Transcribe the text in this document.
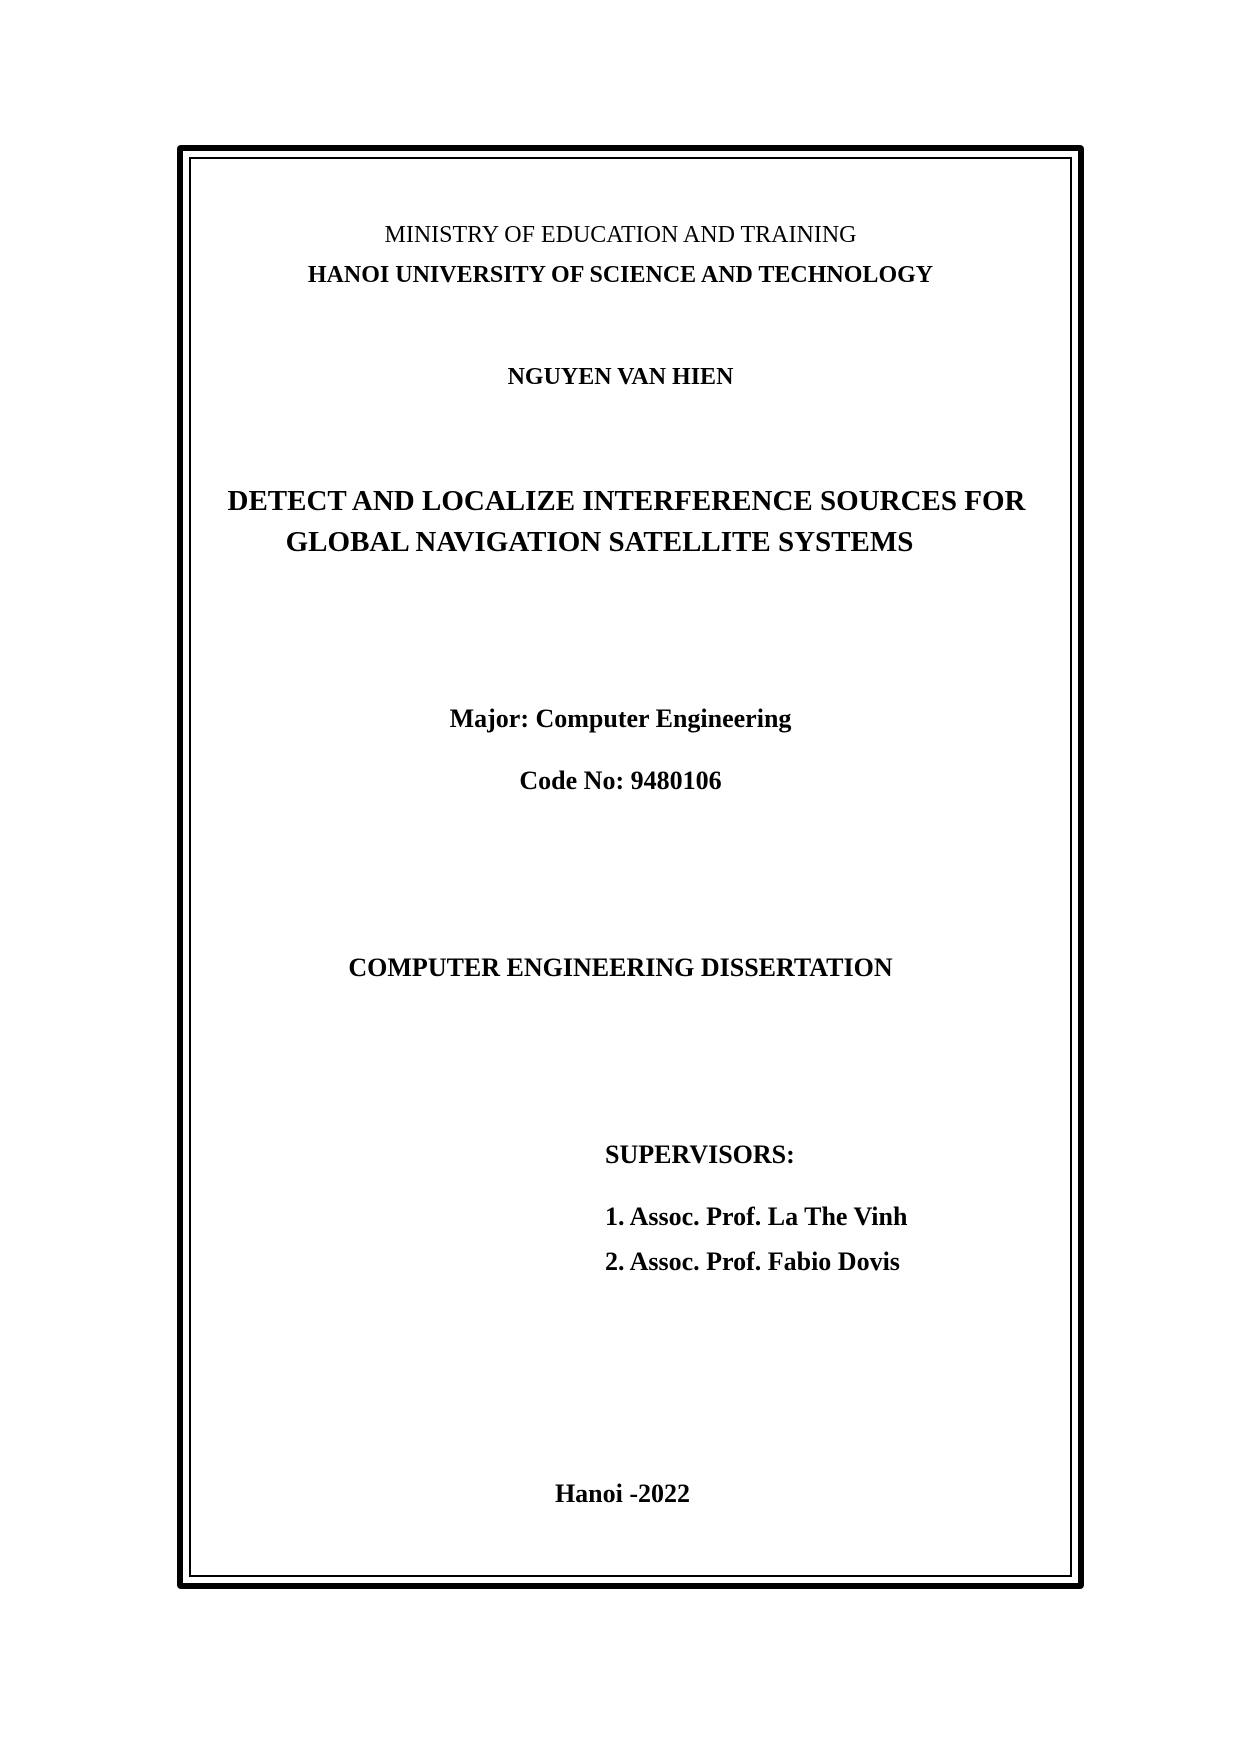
MINISTRY OF EDUCATION AND TRAINING
HANOI UNIVERSITY OF SCIENCE AND TECHNOLOGY
NGUYEN VAN HIEN
DETECT AND LOCALIZE INTERFERENCE SOURCES FOR
GLOBAL NAVIGATION SATELLITE SYSTEMS
Major: Computer Engineering
Code No: 9480106
COMPUTER ENGINEERING DISSERTATION
SUPERVISORS:
1. Assoc. Prof. La The Vinh
2. Assoc. Prof. Fabio Dovis
Hanoi -2022
